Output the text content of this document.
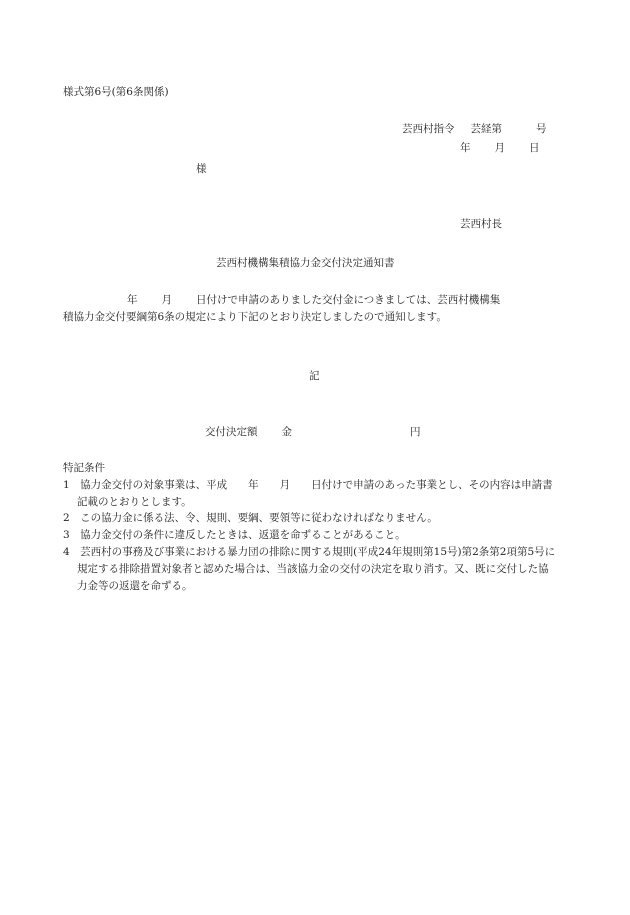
様式第6号(第6条関係)
芸西村指令 芸経第	号
年 月 日
様
芸西村長
芸西村機構集積協力金交付決定通知書
年 月 日付けで申請のありました交付金につきましては、芸西村機構集
積協力金交付要綱第6条の規定により下記のとおり決定しましたので通知します。
記
交付決定額 金	円

特記条件

1　協力金交付の対象事業は、平成　　年　　月　　日付けで申請のあった事業とし、その内容は申請書記載のとおりとします。

2　この協力金に係る法、令、規則、要綱、要領等に従わなければなりません。

3　協力金交付の条件に違反したときは、返還を命ずることがあること。

4　芸西村の事務及び事業における暴力団の排除に関する規則(平成24年規則第15号)第2条第2項第5号に規定する排除措置対象者と認めた場合は、当該協力金の交付の決定を取り消す。又、既に交付した協力金等の返還を命ずる。
